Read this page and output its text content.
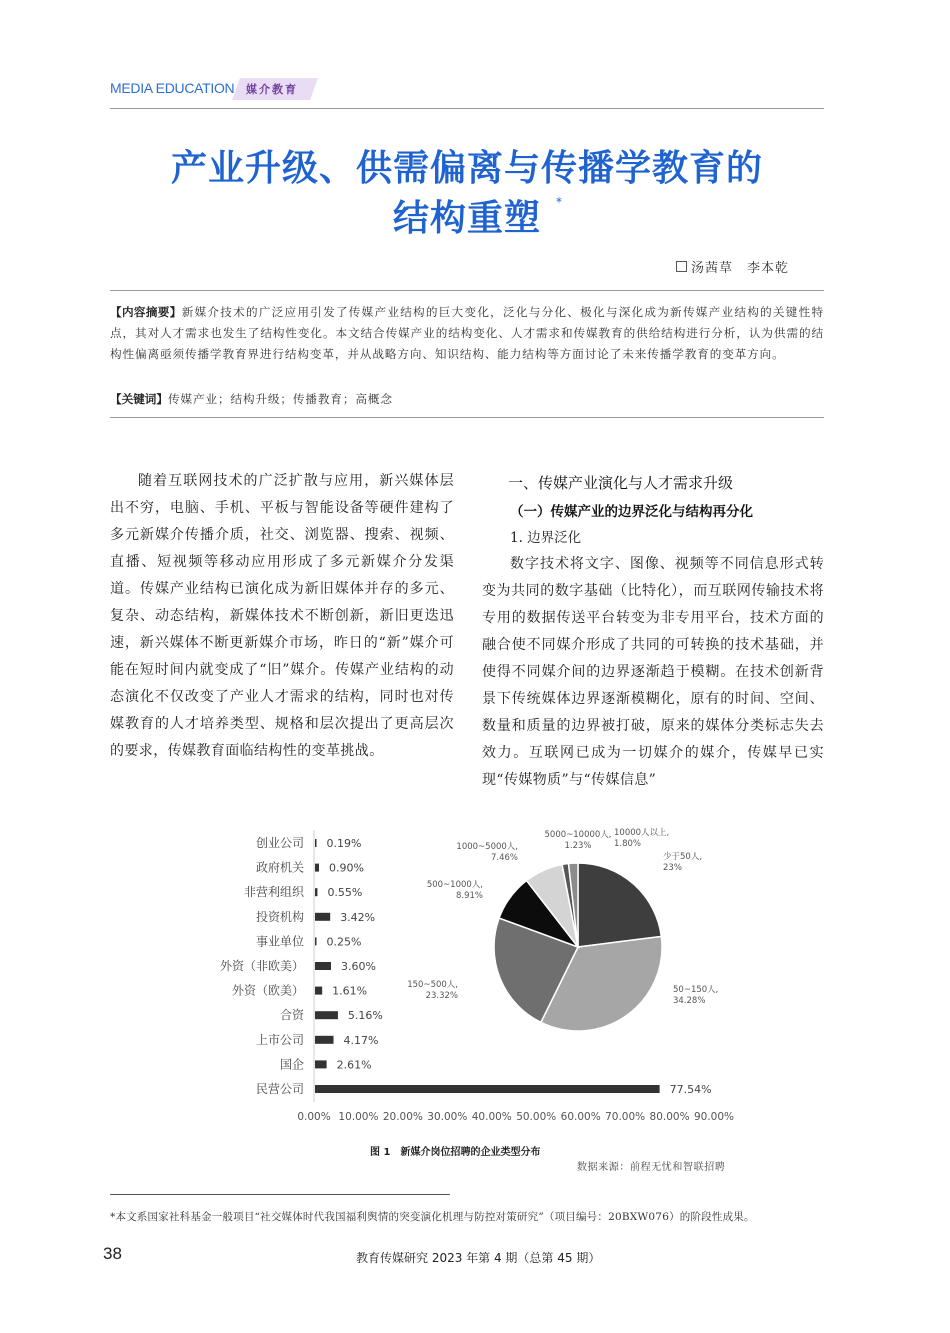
MEDIA EDUCATION 媒介教育
产业升级、供需偏离与传播学教育的
结构重塑	*
汤茜草　李本乾
【内容摘要】新媒介技术的广泛应用引发了传媒产业结构的巨大变化，泛化与分化、极化与深化成为新传媒产业结构的关键性特点，其对人才需求也发生了结构性变化。本文结合传媒产业的结构变化、人才需求和传媒教育的供给结构进行分析，认为供需的结构性偏离亟须传播学教育界进行结构变革，并从战略方向、知识结构、能力结构等方面讨论了未来传播学教育的变革方向。
【关键词】传媒产业；结构升级；传播教育；高概念
随着互联网技术的广泛扩散与应用，新兴媒体层出不穷，电脑、手机、平板与智能设备等硬件建构了多元新媒介传播介质，社交、浏览器、搜索、视频、直播、短视频等移动应用形成了多元新媒介分发渠道。传媒产业结构已演化成为新旧媒体并存的多元、复杂、动态结构，新媒体技术不断创新，新旧更迭迅速，新兴媒体不断更新媒介市场，昨日的“新”媒介可能在短时间内就变成了“旧”媒介。传媒产业结构的动态演化不仅改变了产业人才需求的结构，同时也对传媒教育的人才培养类型、规格和层次提出了更高层次的要求，传媒教育面临结构性的变革挑战。
一、传媒产业演化与人才需求升级
（一）传媒产业的边界泛化与结构再分化
1. 边界泛化
数字技术将文字、图像、视频等不同信息形式转变为共同的数字基础（比特化），而互联网传输技术将专用的数据传送平台转变为非专用平台，技术方面的融合使不同媒介形成了共同的可转换的技术基础，并使得不同媒介间的边界逐渐趋于模糊。在技术创新背景下传统媒体边界逐渐模糊化，原有的时间、空间、数量和质量的边界被打破，原来的媒体分类标志失去效力。互联网已成为一切媒介的媒介，传媒早已实现“传媒物质”与“传媒信息”
创业公司 0.19%
政府机关 0.90%
非营利组织 0.55%
投资机构	3.42%
事业单位 0.25%
外资（非欧美）	3.60%
外资（欧美）	1.61%
合资	5.16%
上市公司	4.17%
国企	2.61%
民营公司	77.54%
0.00% 10.00% 20.00% 30.00% 40.00% 50.00% 60.00% 70.00% 80.00% 90.00%
少于50人, 23%
50~150人, 34.28%
150~500人, 23.32%
500~1000人, 8.91%
1000~5000人, 7.46%
5000~10000人, 1.23%
10000人以上, 1.80%
图 1　新媒介岗位招聘的企业类型分布
数据来源：前程无忧和智联招聘
*本文系国家社科基金一般项目“社交媒体时代我国福利舆情的突变演化机理与防控对策研究”（项目编号：20BXW076）的阶段性成果。
38	教育传媒研究 2023 年第 4 期（总第 45 期）
